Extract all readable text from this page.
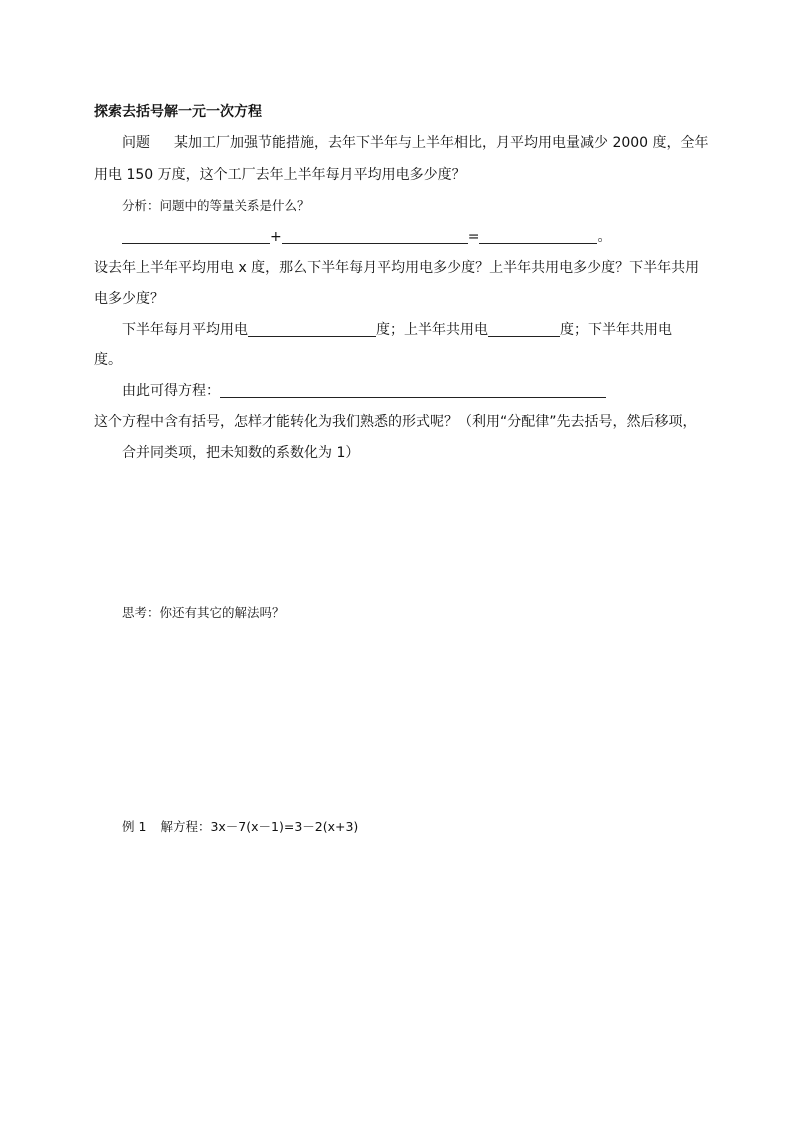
探索去括号解一元一次方程
问题 某加工厂加强节能措施，去年下半年与上半年相比，月平均用电量减少 2000 度，全年
用电 150 万度，这个工厂去年上半年每月平均用电多少度？
分析：问题中的等量关系是什么？
+	=	。
设去年上半年平均用电 x 度，那么下半年每月平均用电多少度？上半年共用电多少度？下半年共用
电多少度？
下半年每月平均用电	度；上半年共用电	度；下半年共用电
度。
由此可得方程：
这个方程中含有括号，怎样才能转化为我们熟悉的形式呢？（利用“分配律”先去括号，然后移项，
合并同类项，把未知数的系数化为 1）
思考：你还有其它的解法吗？
例 1 解方程：3x－7(x－1)=3－2(x+3)
